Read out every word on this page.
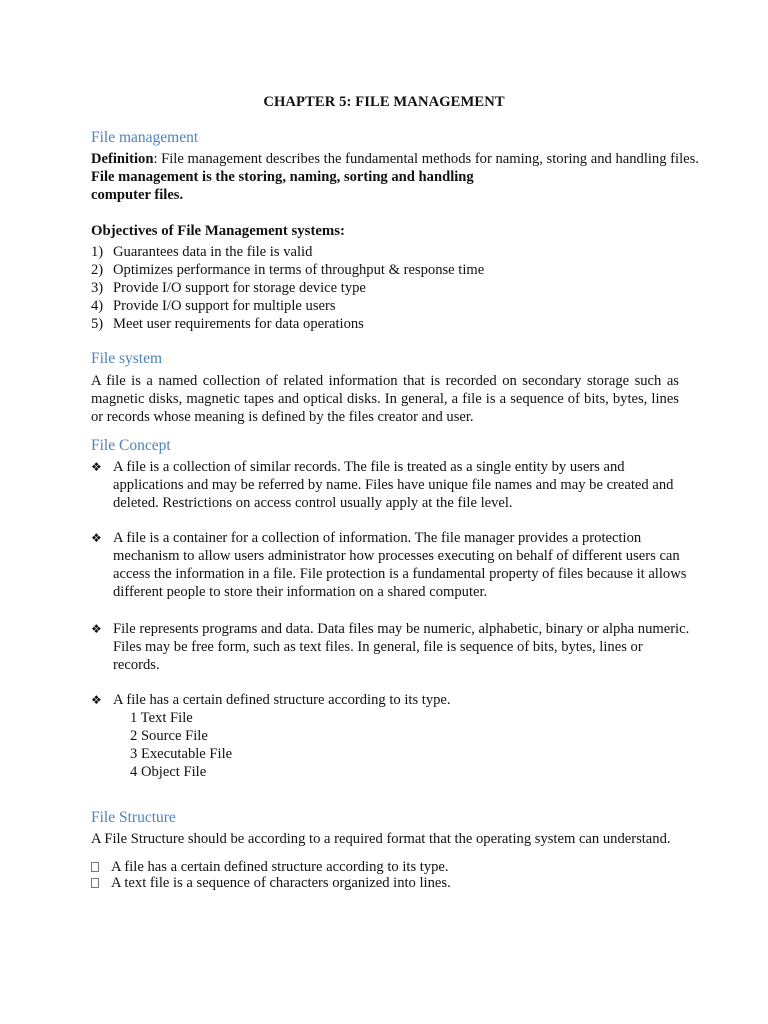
CHAPTER 5: FILE MANAGEMENT
File management
Definition: File management describes the fundamental methods for naming, storing and handling files.
File management is the storing, naming, sorting and handling
computer files.
Objectives of File Management systems:
1) Guarantees data in the file is valid
2) Optimizes performance in terms of throughput & response time
3) Provide I/O support for storage device type
4) Provide I/O support for multiple users
5) Meet user requirements for data operations
File system
A file is a named collection of related information that is recorded on secondary storage such as magnetic disks, magnetic tapes and optical disks. In general, a file is a sequence of bits, bytes, lines or records whose meaning is defined by the files creator and user.
File Concept
❖ A file is a collection of similar records. The file is treated as a single entity by users and applications and may be referred by name. Files have unique file names and may be created and deleted. Restrictions on access control usually apply at the file level.
❖ A file is a container for a collection of information. The file manager provides a protection mechanism to allow users administrator how processes executing on behalf of different users can access the information in a file. File protection is a fundamental property of files because it allows different people to store their information on a shared computer.
❖ File represents programs and data. Data files may be numeric, alphabetic, binary or alpha numeric. Files may be free form, such as text files. In general, file is sequence of bits, bytes, lines or records.
❖ A file has a certain defined structure according to its type.
1 Text File
2 Source File
3 Executable File
4 Object File
File Structure
A File Structure should be according to a required format that the operating system can understand.
A file has a certain defined structure according to its type.
A text file is a sequence of characters organized into lines.
